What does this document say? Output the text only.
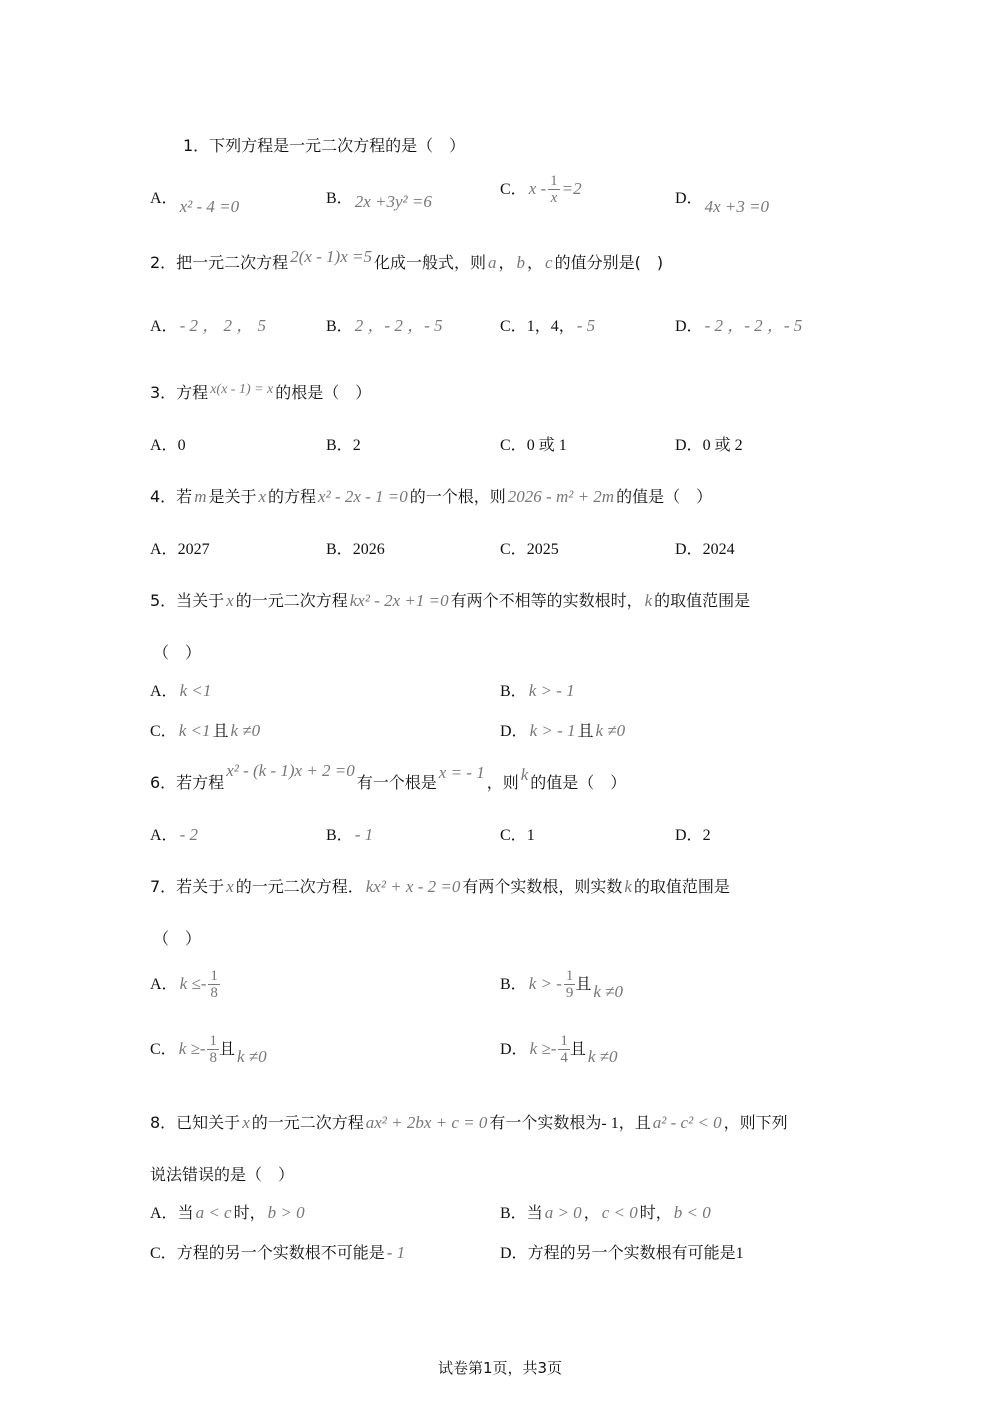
1．下列方程是一元二次方程的是（　）
A． x² - 4 =0	B． 2x +3y² =6
C． $x - \frac{1}{x} =2$
D． 4x +3 =0
2．把一元二次方程 2(x - 1)x =5 化成一般式，则 a ， b ， c 的值分别是(　)
A． - 2 ， 2 ， 5	B． 2 ，- 2 ，- 5	C．1，4， - 5	D． - 2 ，- 2 ，- 5
3．方程 x(x - 1) = x 的根是（　）
A．0	B．2	C．0 或 1	D．0 或 2
4．若 m 是关于 x 的方程 x² - 2x - 1 =0 的一个根，则 2026 - m² + 2m 的值是（　）
A．2027	B．2026	C．2025	D．2024
5．当关于 x 的一元二次方程 kx² - 2x +1 =0 有两个不相等的实数根时， k 的取值范围是
（　）
A． k <1	B． k > - 1
C． k <1 且 k ≠0	D． k > - 1 且 k ≠0
6．若方程x² - (k - 1)x + 2 =0有一个根是x = - 1，则 k 的值是（　）
A． - 2	B． - 1	C．1	D．2
7．若关于 x 的一元二次方程． kx² + x - 2 =0 有两个实数根，则实数 k 的取值范围是
（　）
A． $k \le- \frac{1}{8}$	B． k > - $\frac{1}{9}$ 且 k ≠0
C． $k \ge- \frac{1}{8}$ 且 k ≠0	D． $k \ge- \frac{1}{4}$ 且 k ≠0
8．已知关于 x 的一元二次方程 ax² + 2bx + c = 0 有一个实数根为- 1，且 a² - c² < 0 ，则下列
说法错误的是（　）
A．当 a < c 时， b > 0	B．当 a > 0 ， c < 0 时， b < 0
C．方程的另一个实数根不可能是 - 1	D．方程的另一个实数根有可能是1
试卷第1页，共3页
